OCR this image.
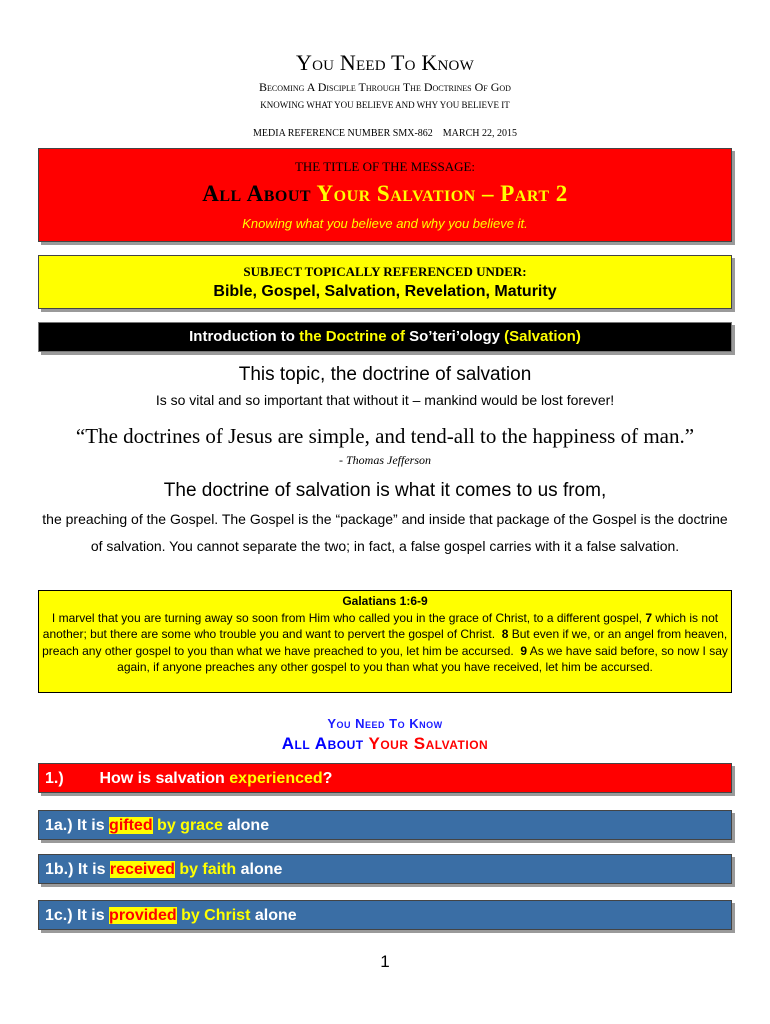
You Need To Know
Becoming A Disciple Through The Doctrines Of God
KNOWING WHAT YOU BELIEVE AND WHY YOU BELIEVE IT
MEDIA REFERENCE NUMBER SMX-862 MARCH 22, 2015
THE TITLE OF THE MESSAGE:
All About Your Salvation – Part 2
Knowing what you believe and why you believe it.
SUBJECT TOPICALLY REFERENCED UNDER:
Bible, Gospel, Salvation, Revelation, Maturity
Introduction to the Doctrine of So’teri’ology (Salvation)
This topic, the doctrine of salvation
Is so vital and so important that without it – mankind would be lost forever!
“The doctrines of Jesus are simple, and tend-all to the happiness of man.”
- Thomas Jefferson
The doctrine of salvation is what it comes to us from,
the preaching of the Gospel. The Gospel is the “package” and inside that package of the Gospel is the doctrine of salvation. You cannot separate the two; in fact, a false gospel carries with it a false salvation.
Galatians 1:6-9
I marvel that you are turning away so soon from Him who called you in the grace of Christ, to a different gospel, 7 which is not another; but there are some who trouble you and want to pervert the gospel of Christ. 8 But even if we, or an angel from heaven, preach any other gospel to you than what we have preached to you, let him be accursed. 9 As we have said before, so now I say again, if anyone preaches any other gospel to you than what you have received, let him be accursed.
You Need To Know
All About Your Salvation
1.) How is salvation experienced?
1a.) It is gifted by grace alone
1b.) It is received by faith alone
1c.) It is provided by Christ alone
1
